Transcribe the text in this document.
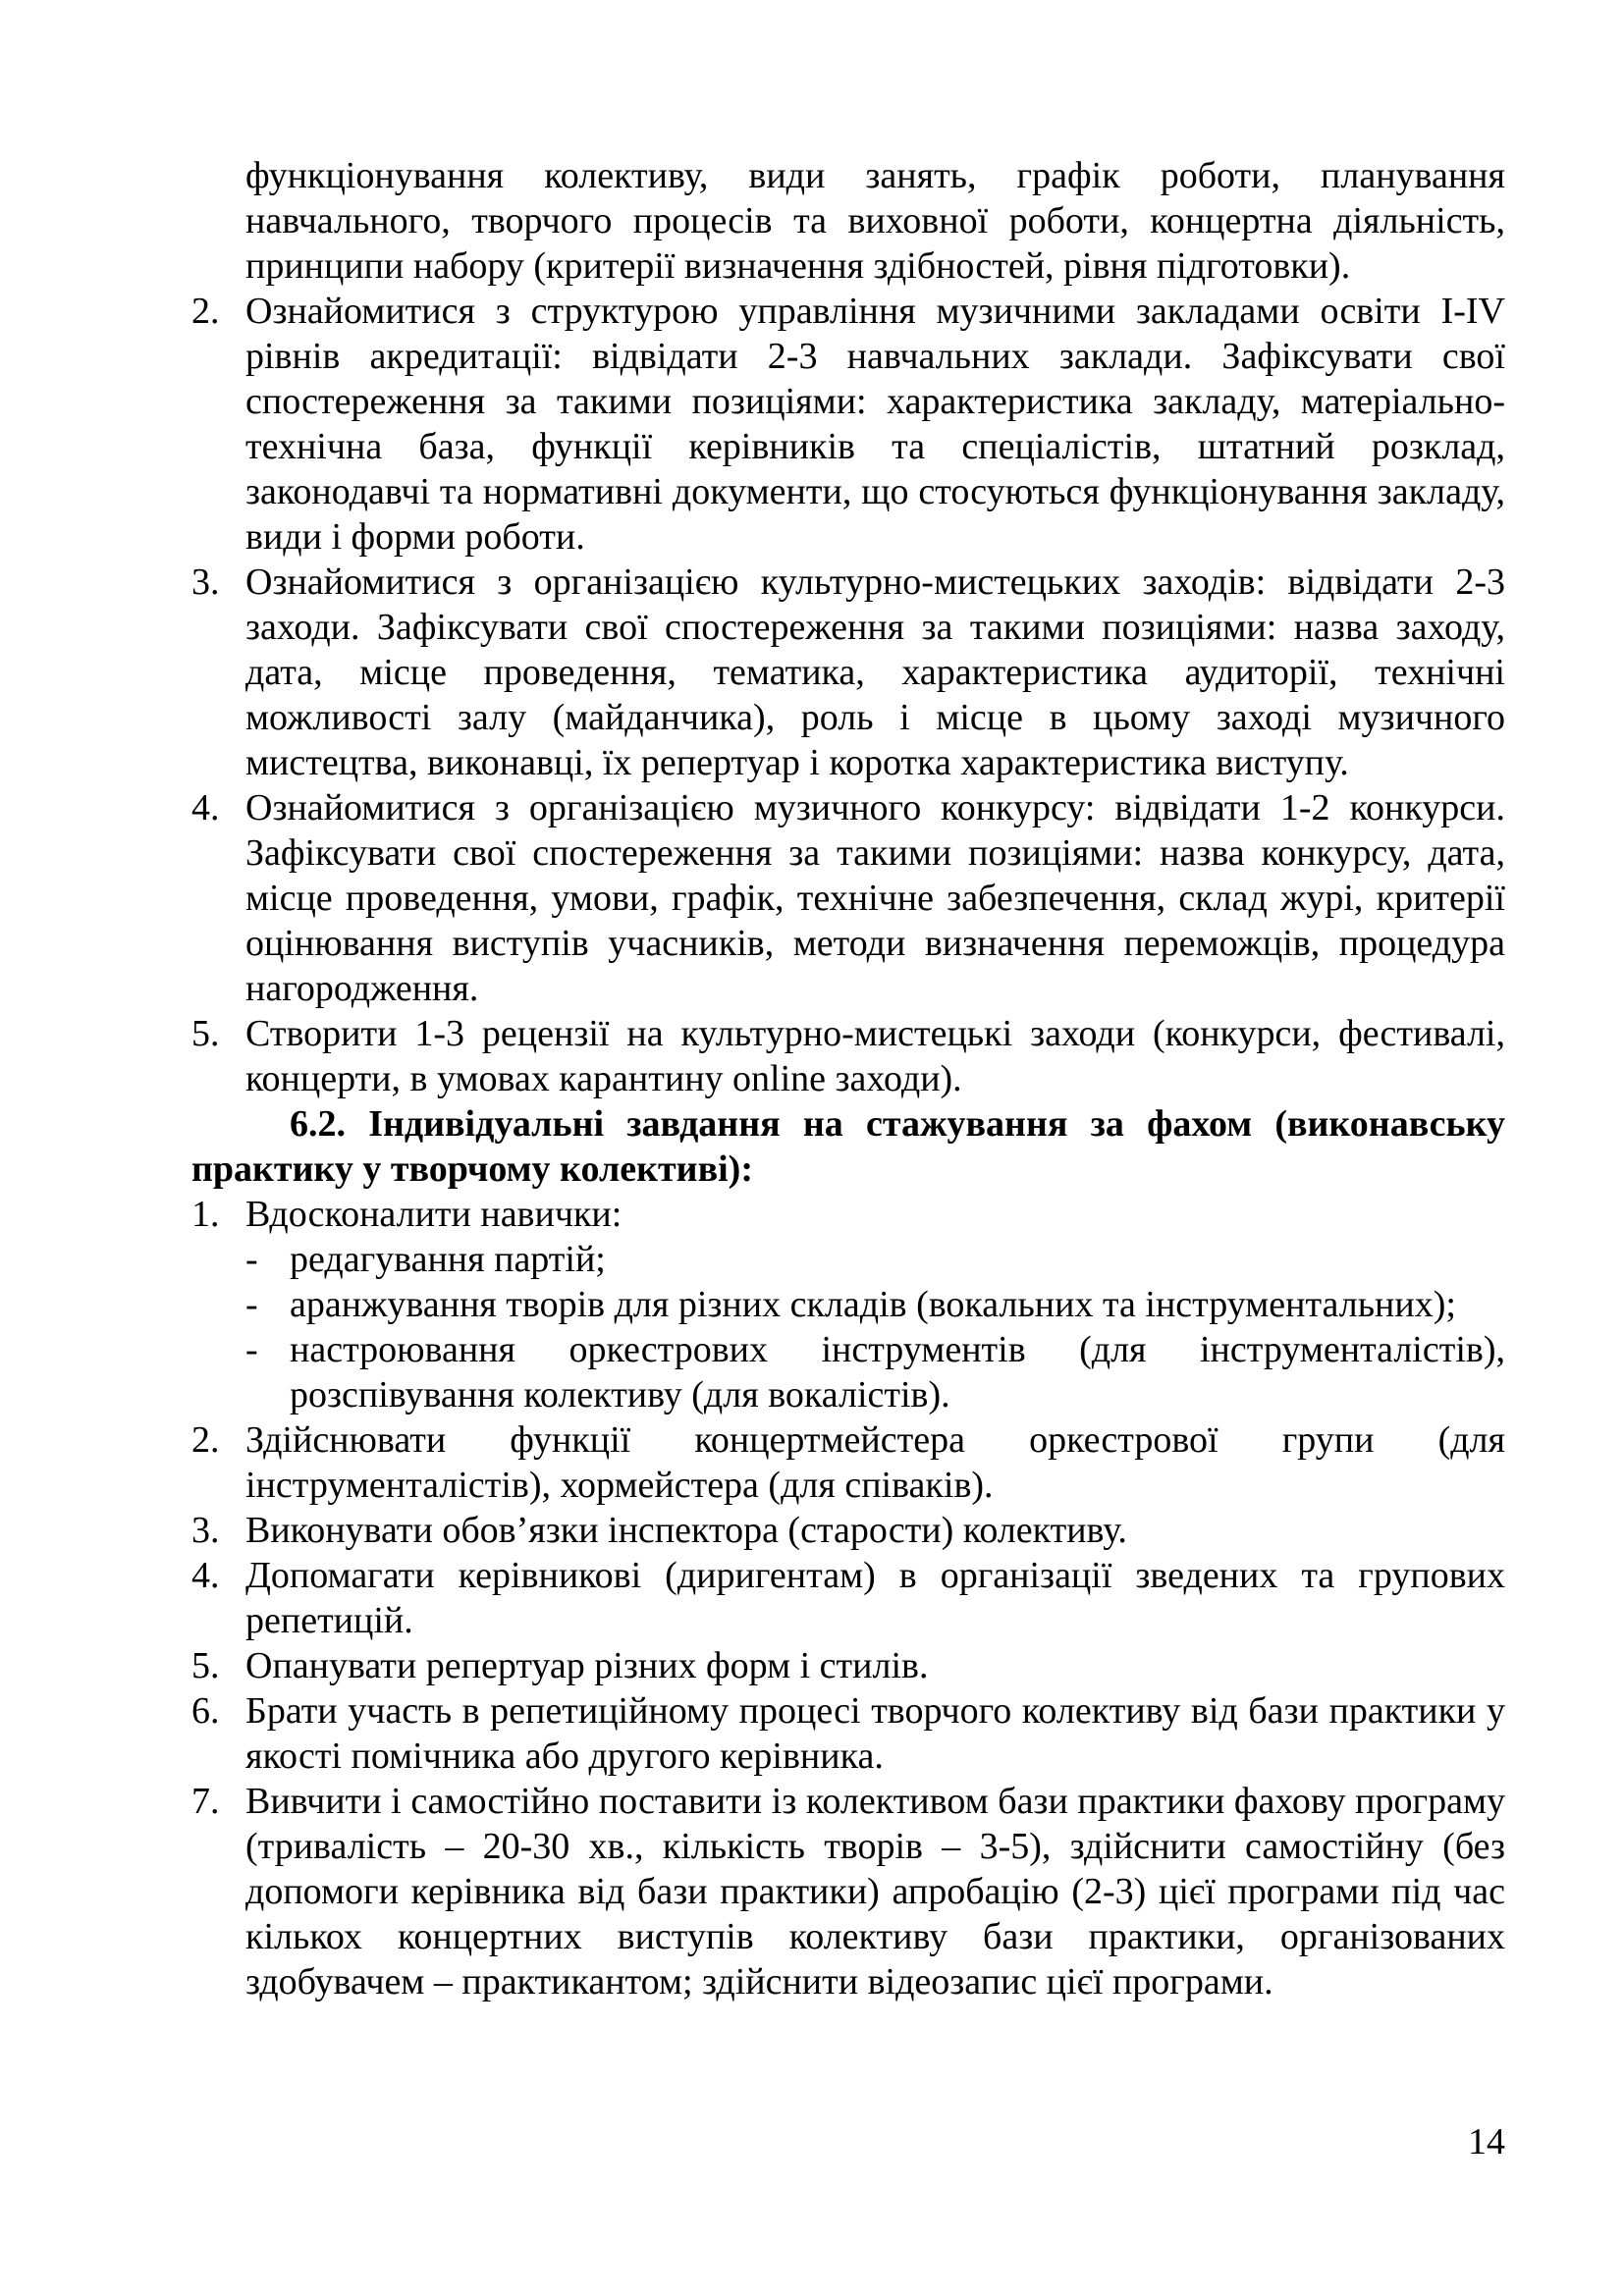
функціонування колективу, види занять, графік роботи, планування навчального, творчого процесів та виховної роботи, концертна діяльність, принципи набору (критерії визначення здібностей, рівня підготовки).

2. Ознайомитися з структурою управління музичними закладами освіти I-IV рівнів акредитації: відвідати 2-3 навчальних заклади. Зафіксувати свої спостереження за такими позиціями: характеристика закладу, матеріально-технічна база, функції керівників та спеціалістів, штатний розклад, законодавчі та нормативні документи, що стосуються функціонування закладу, види і форми роботи.

3. Ознайомитися з організацією культурно-мистецьких заходів: відвідати 2-3 заходи. Зафіксувати свої спостереження за такими позиціями: назва заходу, дата, місце проведення, тематика, характеристика аудиторії, технічні можливості залу (майданчика), роль і місце в цьому заході музичного мистецтва, виконавці, їх репертуар і коротка характеристика виступу.

4. Ознайомитися з організацією музичного конкурсу: відвідати 1-2 конкурси. Зафіксувати свої спостереження за такими позиціями: назва конкурсу, дата, місце проведення, умови, графік, технічне забезпечення, склад журі, критерії оцінювання виступів учасників, методи визначення переможців, процедура нагородження.

5. Створити 1-3 рецензії на культурно-мистецькі заходи (конкурси, фестивалі, концерти, в умовах карантину online заходи).

6.2. Індивідуальні завдання на стажування за фахом (виконавську практику у творчому колективі):

1. Вдосконалити навички:

- редагування партій;

- аранжування творів для різних складів (вокальних та інструментальних);

- настроювання оркестрових інструментів (для інструменталістів), розспівування колективу (для вокалістів).

2. Здійснювати функції концертмейстера оркестрової групи (для інструменталістів), хормейстера (для співаків).

3. Виконувати обов’язки інспектора (старости) колективу.

4. Допомагати керівникові (диригентам) в організації зведених та групових репетицій.

5. Опанувати репертуар різних форм і стилів.

6. Брати участь в репетиційному процесі творчого колективу від бази практики у якості помічника або другого керівника.

7. Вивчити і самостійно поставити із колективом бази практики фахову програму (тривалість – 20-30 хв., кількість творів – 3-5), здійснити самостійну (без допомоги керівника від бази практики) апробацію (2-3) цієї програми під час кількох концертних виступів колективу бази практики, організованих здобувачем – практикантом; здійснити відеозапис цієї програми.

14
